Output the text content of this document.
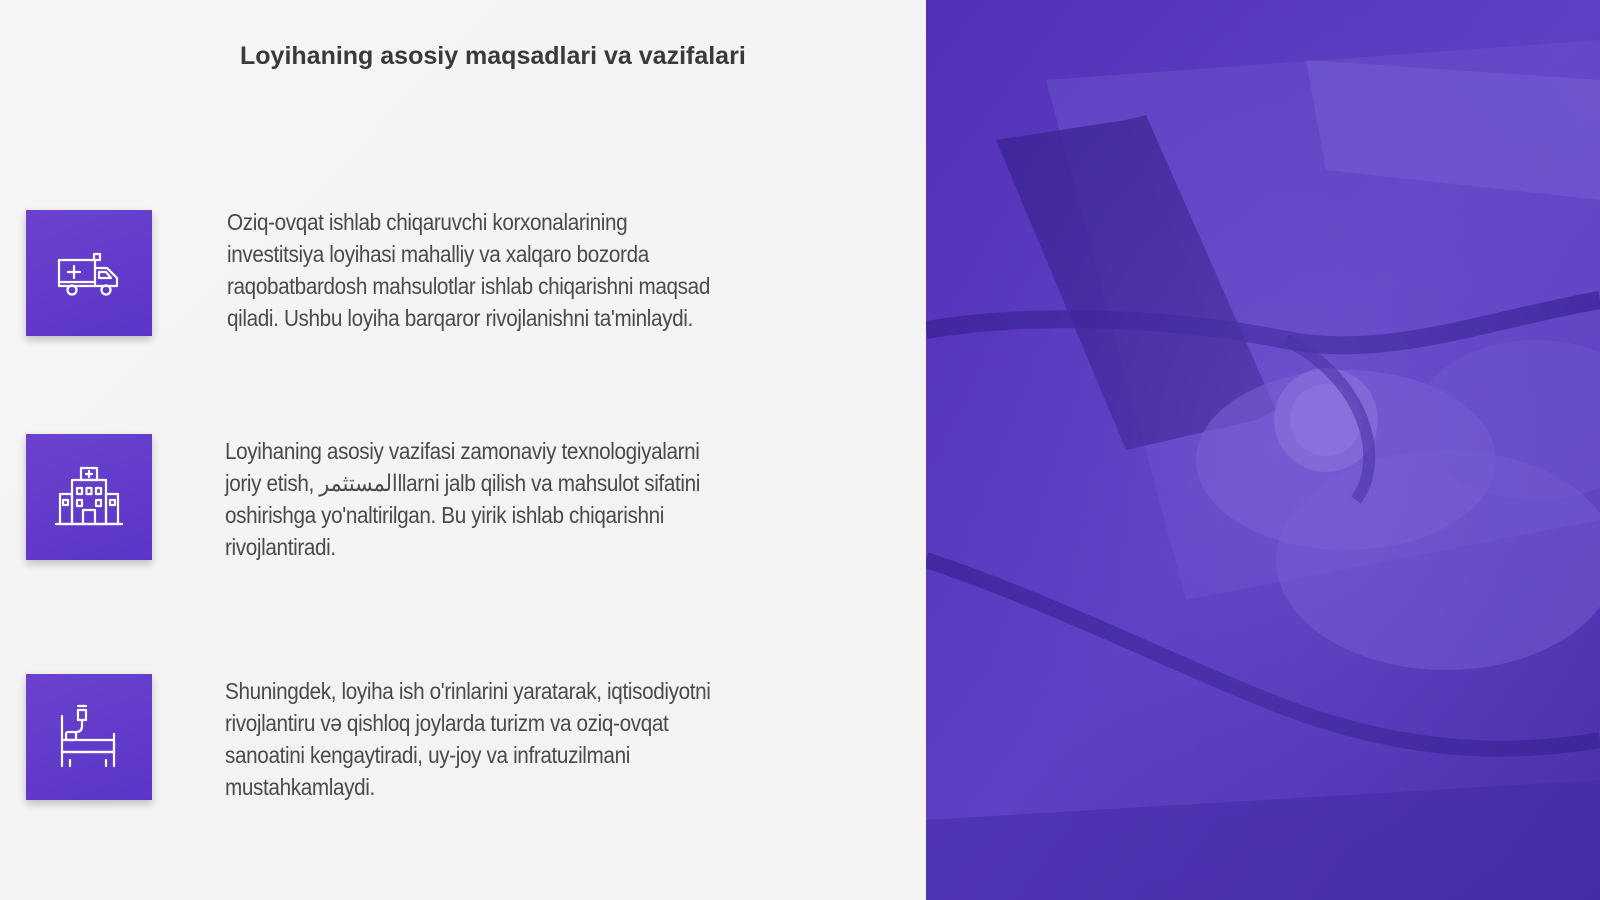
Loyihaning asosiy maqsadlari va vazifalari
Oziq-ovqat ishlab chiqaruvchi korxonalarining
investitsiya loyihasi mahalliy va xalqaro bozorda
raqobatbardosh mahsulotlar ishlab chiqarishni maqsad
qiladi. Ushbu loyiha barqaror rivojlanishni ta'minlaydi.
Loyihaning asosiy vazifasi zamonaviy texnologiyalarni
joriy etish, المستثمرllarni jalb qilish va mahsulot sifatini
oshirishga yo'naltirilgan. Bu yirik ishlab chiqarishni
rivojlantiradi.
Shuningdek, loyiha ish o'rinlarini yaratarak, iqtisodiyotni
rivojlantiru və qishloq joylarda turizm va oziq-ovqat
sanoatini kengaytiradi, uy-joy va infratuzilmani
mustahkamlaydi.
